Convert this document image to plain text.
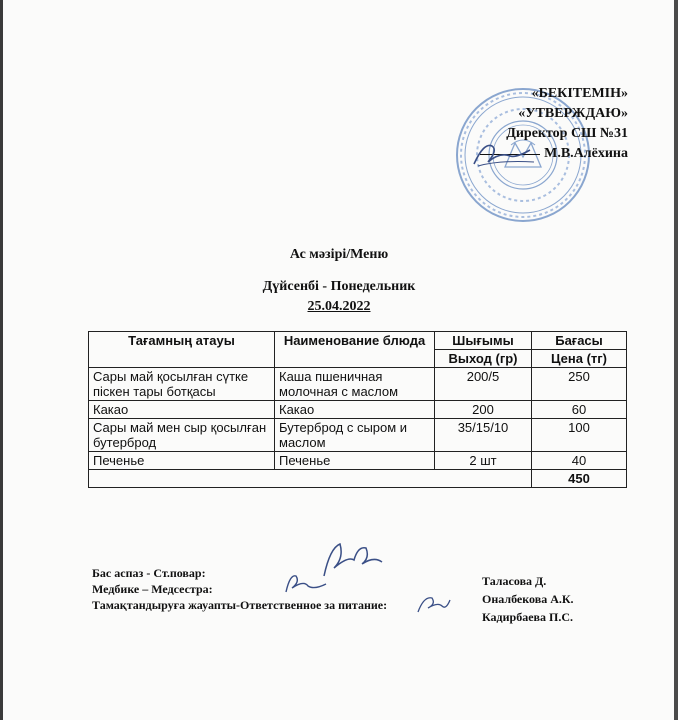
«БЕКІТЕМІН»
«УТВЕРЖДАЮ»
Директор СШ №31
М.В.Алёхина
Ас мәзірі/Меню
Дүйсенбі - Понедельник
25.04.2022
Тағамның атауы	Наименование блюда	Шығымы	Бағасы
		Выход (гр)	Цена (тг)
Сары май қосылған сүтке піскен тары ботқасы	Каша пшеничная молочная с маслом	200/5	250
Какао	Какао	200	60
Сары май мен сыр қосылған бутерброд	Бутерброд с сыром и маслом	35/15/10	100
Печенье	Печенье	2 шт	40
			450
Бас аспаз - Ст.повар:
Медбике – Медсестра:
Тамақтандыруға жауапты-Ответственное за питание:
Таласова Д.
Оналбекова А.К.
Кадирбаева П.С.
